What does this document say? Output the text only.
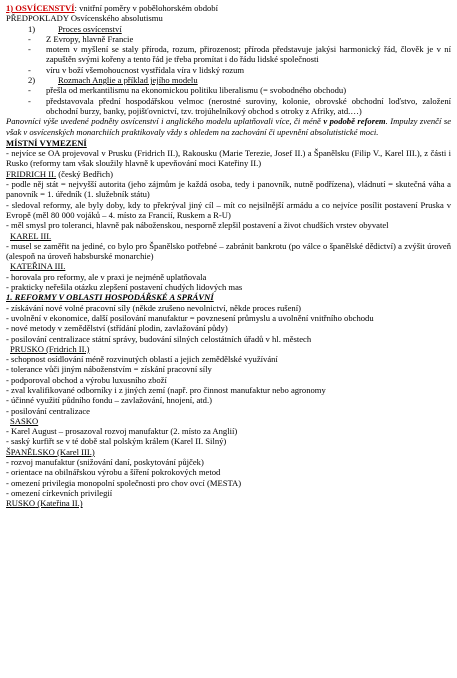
1) OSVÍCENSTVÍ: vnitřní poměry v pobělohorském období
PŘEDPOKLADY Osvícenského absolutismu
1)	Proces osvícenství
-	Z Evropy, hlavně Francie
-	motem v myšlení se staly příroda, rozum, přirozenost; příroda představuje jakýsi harmonický řád, člověk je v ní zapuštěn svými kořeny a tento řád je třeba promítat i do řádu lidské společnosti
-	víru v boží všemohoucnost vystřídala víra v lidský rozum
2)	Rozmach Anglie a příklad jejího modelu
-	přešla od merkantilismu na ekonomickou politiku liberalismu (= svobodného obchodu)
-	představovala přední hospodářskou velmoc (nerostné suroviny, kolonie, obrovské obchodní loďstvo, založení obchodní burzy, banky, pojišťovnictví, tzv. trojúhelníkový obchod s otroky z Afriky, atd.…)
Panovníci výše uvedené podněty osvícenství i anglického modelu uplatňovali více, či méně v podobě reforem. Impulzy zvenčí se však v osvícenských monarchiích praktikovaly vždy s ohledem na zachování či upevnění absolutistické moci.
MÍSTNÍ VYMEZENÍ
- nejvíce se OA projevoval v Prusku (Fridrich II.), Rakousku (Marie Terezie, Josef II.) a Španělsku (Filip V., Karel III.), z části i Rusko (reformy tam však sloužily hlavně k upevňování moci Kateřiny II.)
FRIDRICH II. (český Bedřich)
- podle něj stát = nejvyšší autorita (jeho zájmům je každá osoba, tedy i panovník, nutně podřízena), vládnutí = skutečná váha a panovník = 1. úředník (1. služebník státu)
- sledoval reformy, ale byly doby, kdy to překrýval jiný cíl – mít co nejsilnější armádu a co nejvíce posílit postavení Pruska v Evropě (měl 80 000 vojáků – 4. místo za Francií, Ruskem a R-U)
- měl smysl pro toleranci, hlavně pak náboženskou, nesporně zlepšil postavení a život chudších vrstev obyvatel
KAREL III.
- musel se zaměřit na jediné, co bylo pro Španělsko potřebné – zabránit bankrotu (po válce o španělské dědictví) a zvýšit úroveň (alespoň na úroveň habsburské monarchie)
KATEŘINA III.
- horovala pro reformy, ale v praxi je nejméně uplatňovala
- prakticky neřešila otázku zlepšení postavení chudých lidových mas
1. REFORMY V OBLASTI HOSPODÁŘSKÉ A SPRÁVNÍ
- získávání nové volné pracovní síly (někde zrušeno nevolnictví, někde proces rušení)
- uvolnění v ekonomice, další posilování manufaktur = povznesení průmyslu a uvolnění vnitřního obchodu
- nové metody v zemědělství (střídání plodin, zavlažování půdy)
- posilování centralizace státní správy, budování silných celostátních úřadů v hl. městech
PRUSKO (Fridrich II.)
- schopnost osídlování méně rozvinutých oblastí a jejich zemědělské využívání
- tolerance vůči jiným náboženstvím = získání pracovní síly
- podporoval obchod a výrobu luxusního zboží
- zval kvalifikované odborníky i z jiných zemí (např. pro činnost manufaktur nebo agronomy
- účinné využití půdního fondu – zavlažování, hnojení, atd.)
- posilování centralizace
SASKO
- Karel August – prosazoval rozvoj manufaktur (2. místo za Anglií)
- saský kurfiřt se v té době stal polským králem (Karel II. Silný)
ŠPANĚLSKO (Karel III.)
- rozvoj manufaktur (snižování daní, poskytování půjček)
- orientace na obilnářskou výrobu a šíření pokrokových metod
- omezení privilegia monopolní společnosti pro chov ovcí (MESTA)
- omezení církevních privilegií
RUSKO (Kateřina II.)
